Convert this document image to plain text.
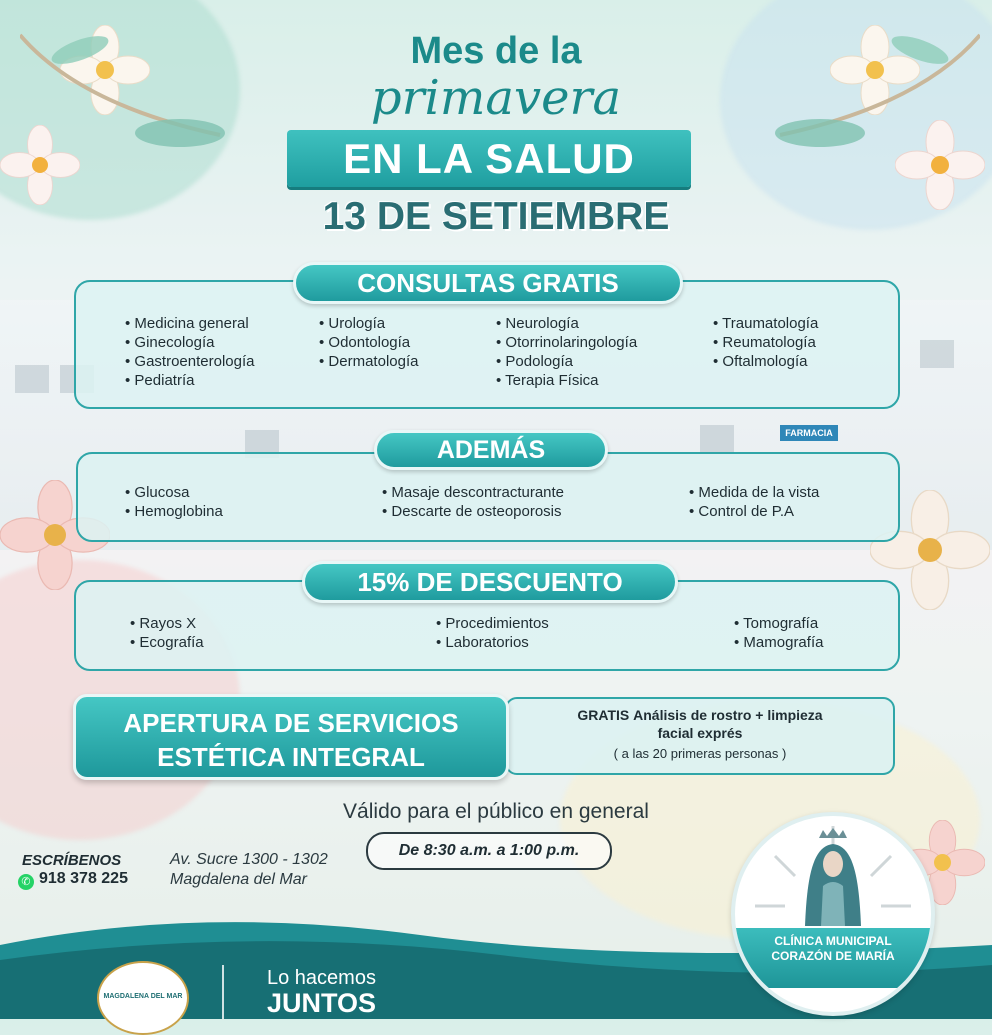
FARMACIA
Mes de la
primavera
EN LA SALUD
13 DE SETIEMBRE
CONSULTAS GRATIS
• Medicina general
• Ginecología
• Gastroenterología
• Pediatría
• Urología
• Odontología
• Dermatología
• Neurología
• Otorrinolaringología
• Podología
• Terapia Física
• Traumatología
• Reumatología
• Oftalmología
ADEMÁS
• Glucosa
• Hemoglobina
• Masaje descontracturante
• Descarte de osteoporosis
• Medida de la vista
• Control de P.A
15% DE DESCUENTO
• Rayos X
• Ecografía
• Procedimientos
• Laboratorios
• Tomografía
• Mamografía
GRATIS Análisis de rostro + limpieza
facial exprés
( a las 20 primeras personas )
APERTURA DE SERVICIOS
ESTÉTICA INTEGRAL
Válido para el público en general
De 8:30 a.m. a 1:00 p.m.
ESCRÍBENOS
✆ 918 378 225
Av. Sucre 1300 - 1302
Magdalena del Mar
MAGDALENA DEL MAR
Lo hacemos
JUNTOS
CLÍNICA MUNICIPAL
CORAZÓN DE MARÍA
